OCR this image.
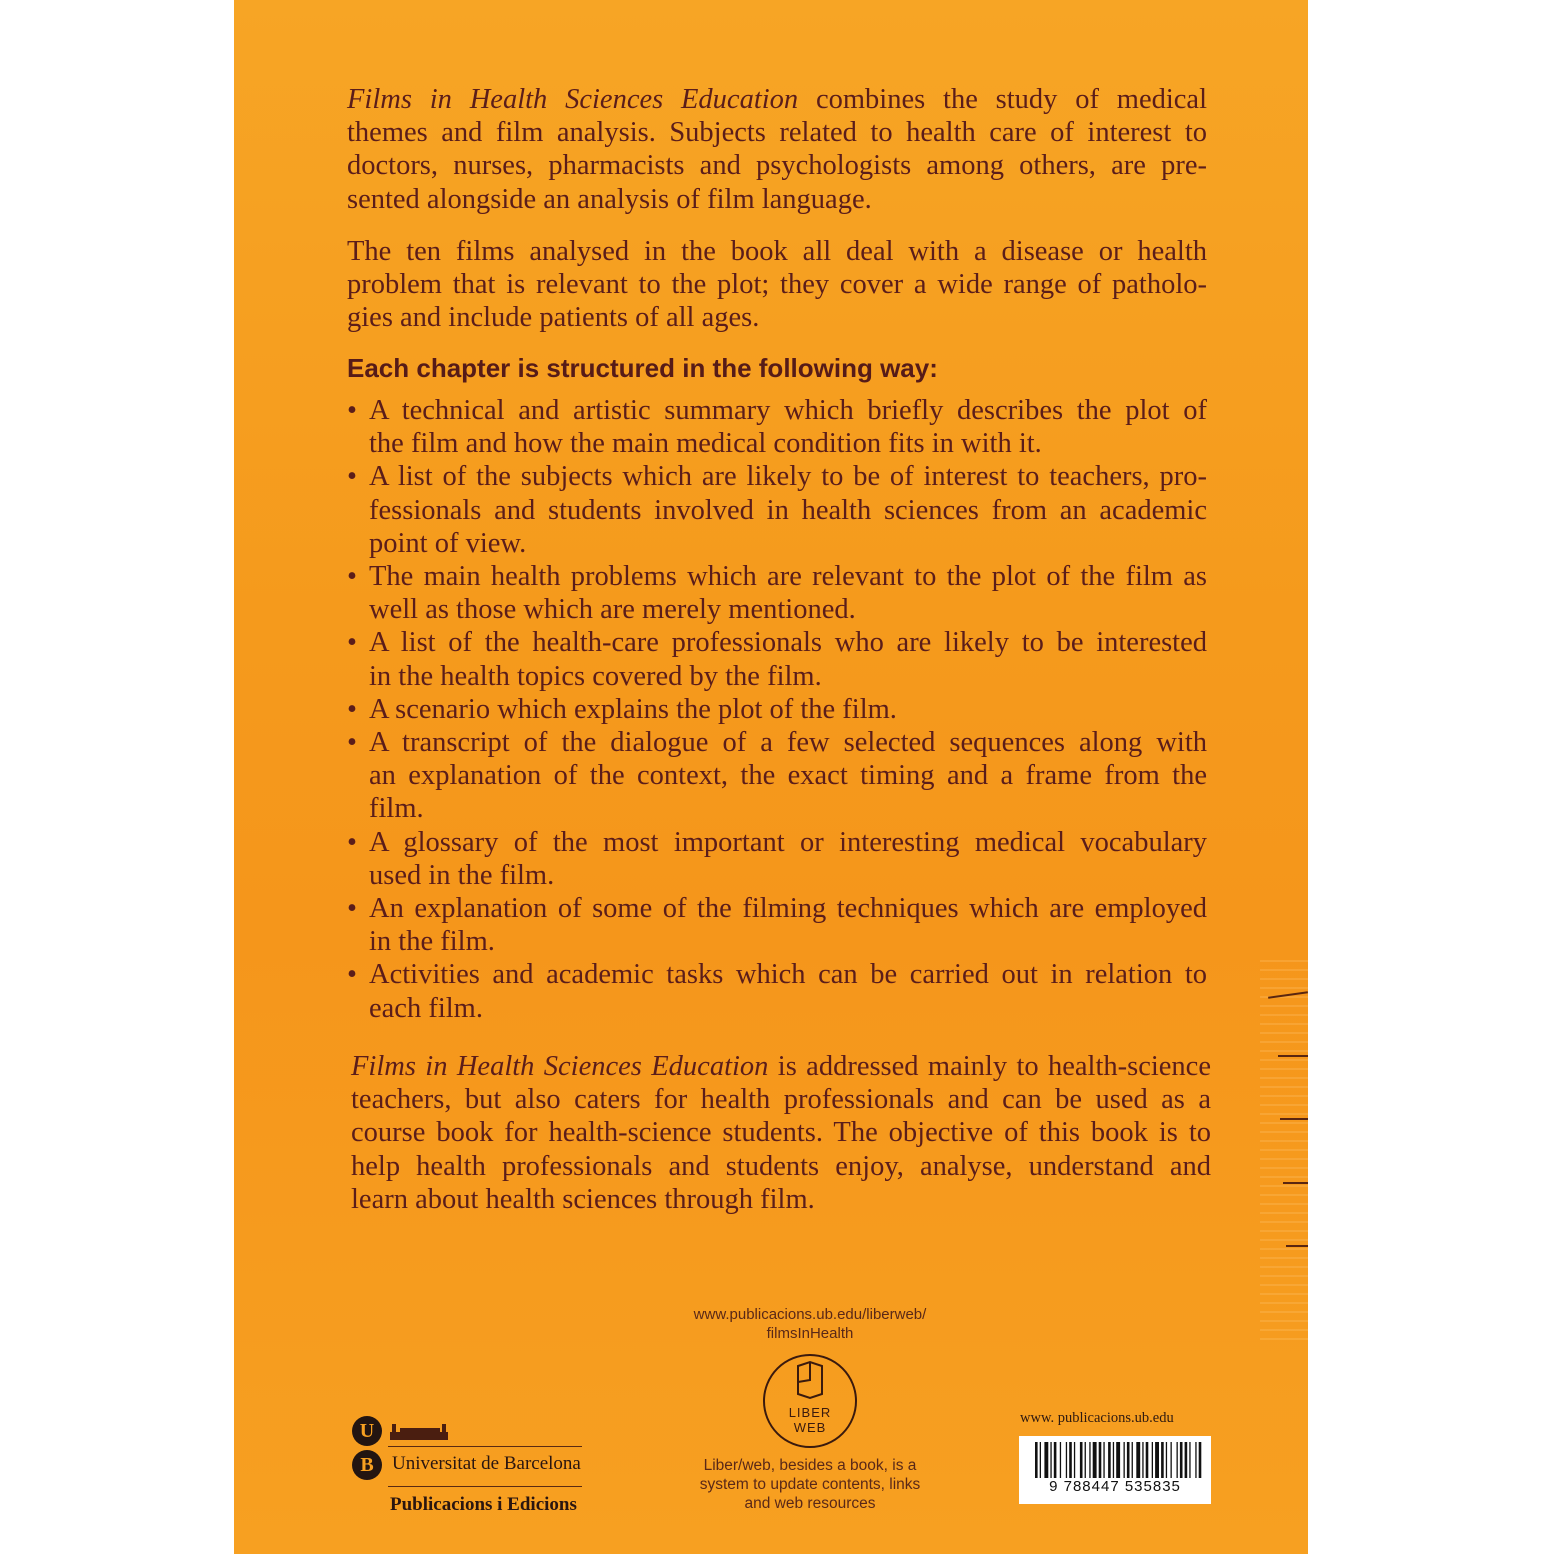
Films in Health Sciences Education combines the study of medical
themes and film analysis. Subjects related to health care of interest to
doctors, nurses, pharmacists and psychologists among others, are pre-
sented alongside an analysis of film language.
The ten films analysed in the book all deal with a disease or health
problem that is relevant to the plot; they cover a wide range of patholo-
gies and include patients of all ages.
Each chapter is structured in the following way:
• A technical and artistic summary which briefly describes the plot of
the film and how the main medical condition fits in with it.
• A list of the subjects which are likely to be of interest to teachers, pro-
fessionals and students involved in health sciences from an academic
point of view.
• The main health problems which are relevant to the plot of the film as
well as those which are merely mentioned.
• A list of the health-care professionals who are likely to be interested
in the health topics covered by the film.
• A scenario which explains the plot of the film.
• A transcript of the dialogue of a few selected sequences along with
an explanation of the context, the exact timing and a frame from the
film.
• A glossary of the most important or interesting medical vocabulary
used in the film.
• An explanation of some of the filming techniques which are employed
in the film.
• Activities and academic tasks which can be carried out in relation to
each film.
Films in Health Sciences Education is addressed mainly to health-science
teachers, but also caters for health professionals and can be used as a
course book for health-science students. The objective of this book is to
help health professionals and students enjoy, analyse, understand and
learn about health sciences through film.
www.publicacions.ub.edu/liberweb/
filmsInHealth
LIBER
WEB
Liber/web, besides a book, is a
system to update contents, links
and web resources
U
B Universitat de Barcelona
Publicacions i Edicions
www. publicacions.ub.edu
9 788447 535835
